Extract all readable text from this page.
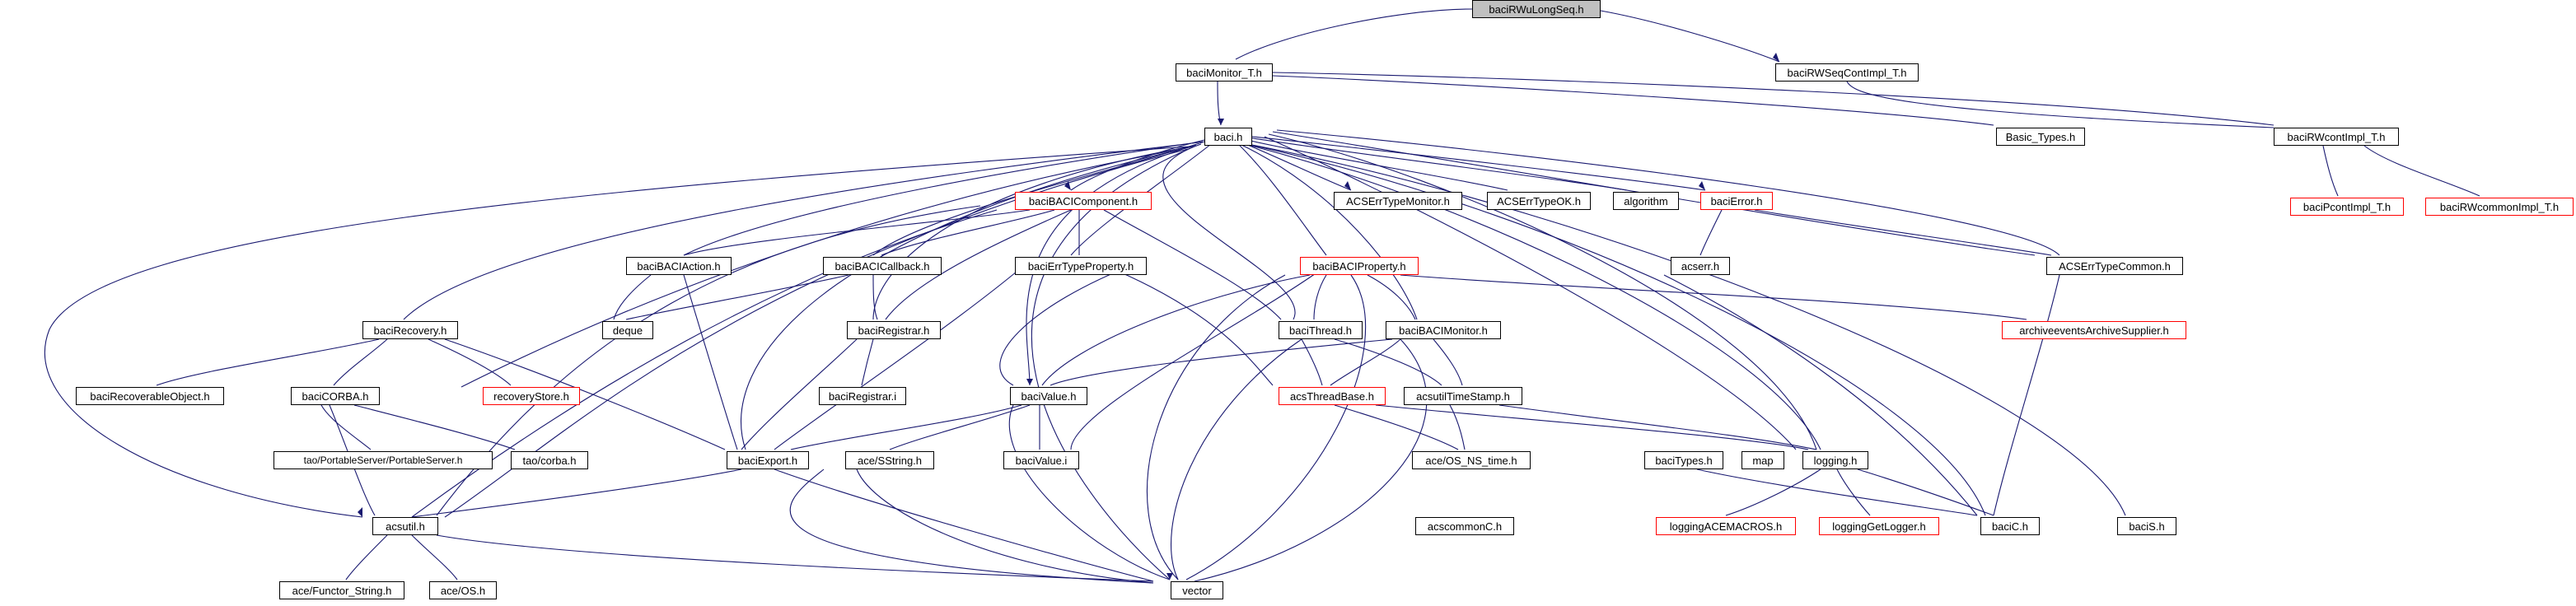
baciRWuLongSeq.h
baciMonitor_T.h	baciRWSeqContImpl_T.h
baci.h	Basic_Types.h	baciRWcontImpl_T.h
baciBACIComponent.h	ACSErrTypeMonitor.h	ACSErrTypeOK.h	algorithm	baciError.h	baciPcontImpl_T.h	baciRWcommonImpl_T.h
baciBACIAction.h	baciBACICallback.h	baciErrTypeProperty.h	baciBACIProperty.h	acserr.h	ACSErrTypeCommon.h
baciRecovery.h	deque	baciRegistrar.h	baciThread.h	baciBACIMonitor.h	archiveeventsArchiveSupplier.h
baciRecoverableObject.h	baciCORBA.h	recoveryStore.h	baciValue.h	acsThreadBase.h	acsutilTimeStamp.h
baciRegistrar.i
tao/PortableServer/PortableServer.h	tao/corba.h	baciExport.h	ace/SString.h	baciValue.i	ace/OS_NS_time.h	baciTypes.h	map	logging.h
acsutil.h	acscommonC.h	loggingACEMACROS.h	loggingGetLogger.h	baciC.h	baciS.h
ace/Functor_String.h	ace/OS.h	vector
